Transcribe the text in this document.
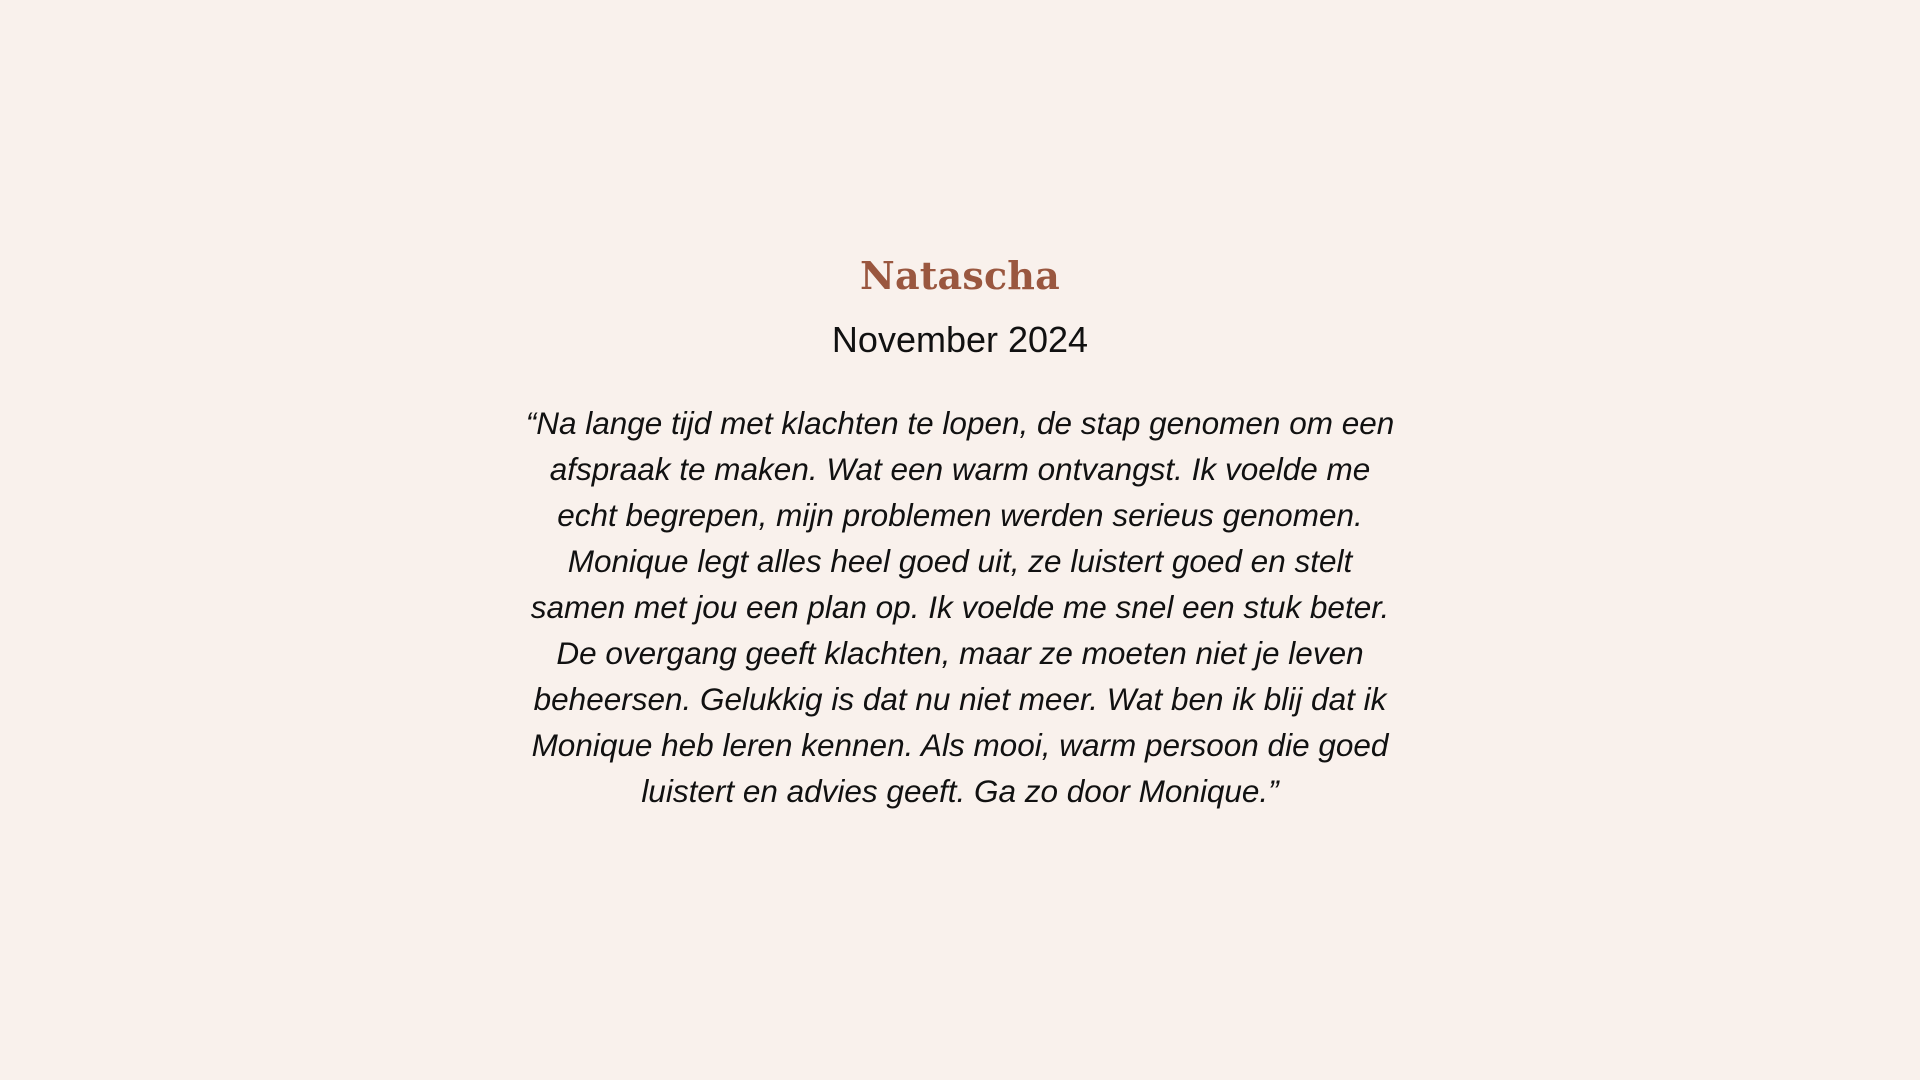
Natascha
November 2024

“Na lange tijd met klachten te lopen, de stap genomen om een afspraak te maken. Wat een warm ontvangst. Ik voelde me echt begrepen, mijn problemen werden serieus genomen. Monique legt alles heel goed uit, ze luistert goed en stelt samen met jou een plan op. Ik voelde me snel een stuk beter. De overgang geeft klachten, maar ze moeten niet je leven beheersen. Gelukkig is dat nu niet meer. Wat ben ik blij dat ik Monique heb leren kennen. Als mooi, warm persoon die goed luistert en advies geeft. Ga zo door Monique.”
